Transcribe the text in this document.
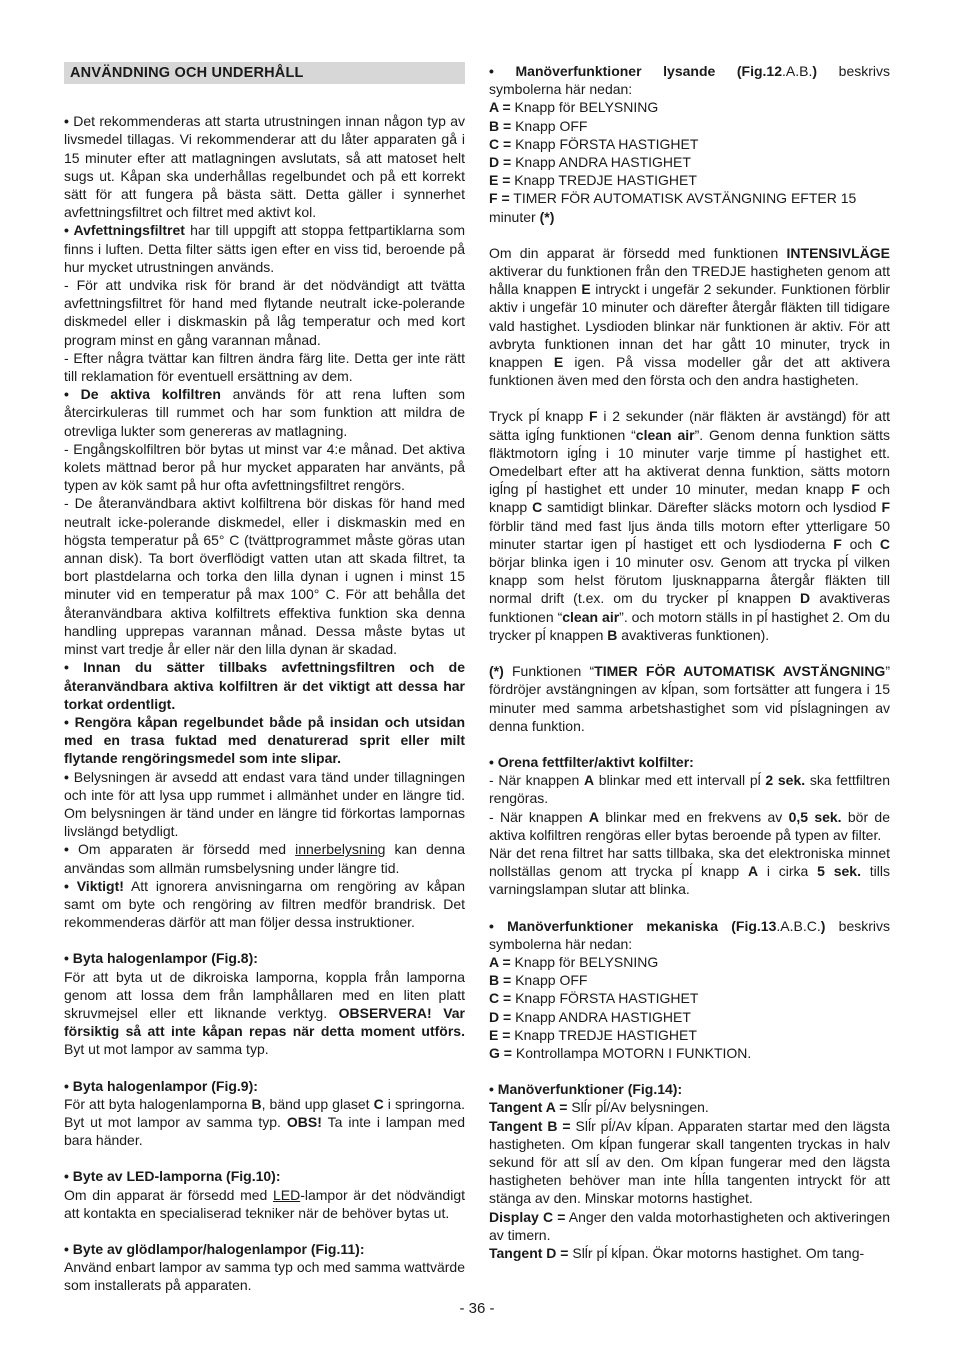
ANVÄNDNING OCH UNDERHÅLL

• Det rekommenderas att starta utrustningen innan någon typ av livsmedel tillagas. Vi rekommenderar att du låter apparaten gå i 15 minuter efter att matlagningen avslutats, så att matoset helt sugs ut. Kåpan ska underhållas regelbundet och på ett korrekt sätt för att fungera på bästa sätt. Detta gäller i synnerhet avfettningsfiltret och filtret med aktivt kol.

• Avfettningsfiltret har till uppgift att stoppa fettpartiklarna som finns i luften. Detta filter sätts igen efter en viss tid, beroende på hur mycket utrustningen används.

- För att undvika risk för brand är det nödvändigt att tvätta avfettningsfiltret för hand med flytande neutralt icke-polerande diskmedel eller i diskmaskin på låg temperatur och med kort program minst en gång varannan månad.

- Efter några tvättar kan filtren ändra färg lite. Detta ger inte rätt till reklamation för eventuell ersättning av dem.

• De aktiva kolfiltren används för att rena luften som återcirkuleras till rummet och har som funktion att mildra de otrevliga lukter som genereras av matlagning.

- Engångskolfiltren bör bytas ut minst var 4:e månad. Det aktiva kolets mättnad beror på hur mycket apparaten har använts, på typen av kök samt på hur ofta avfettningsfiltret rengörs.

- De återanvändbara aktivt kolfiltrena bör diskas för hand med neutralt icke-polerande diskmedel, eller i diskmaskin med en högsta temperatur på 65° C (tvättprogrammet måste göras utan annan disk). Ta bort överflödigt vatten utan att skada filtret, ta bort plastdelarna och torka den lilla dynan i ugnen i minst 15 minuter vid en temperatur på max 100° C. För att behålla det återanvändbara aktiva kolfiltrets effektiva funktion ska denna handling upprepas varannan månad. Dessa måste bytas ut minst vart tredje år eller när den lilla dynan är skadad.

• Innan du sätter tillbaks avfettningsfiltren och de återanvändbara aktiva kolfiltren är det viktigt att dessa har torkat ordentligt.

• Rengöra kåpan regelbundet både på insidan och utsidan med en trasa fuktad med denaturerad sprit eller milt flytande rengöringsmedel som inte slipar.

• Belysningen är avsedd att endast vara tänd under tillagningen och inte för att lysa upp rummet i allmänhet under en längre tid. Om belysningen är tänd under en längre tid förkortas lampornas livslängd betydligt.

• Om apparaten är försedd med innerbelysning kan denna användas som allmän rumsbelysning under längre tid.

• Viktigt! Att ignorera anvisningarna om rengöring av kåpan samt om byte och rengöring av filtren medför brandrisk. Det rekommenderas därför att man följer dessa instruktioner.

• Byta halogenlampor (Fig.8):

För att byta ut de dikroiska lamporna, koppla från lamporna genom att lossa dem från lamphållaren med en liten platt skruvmejsel eller ett liknande verktyg. OBSERVERA! Var försiktig så att inte kåpan repas när detta moment utförs. Byt ut mot lampor av samma typ.

• Byta halogenlampor (Fig.9):

För att byta halogenlamporna B, bänd upp glaset C i springorna. Byt ut mot lampor av samma typ. OBS! Ta inte i lampan med bara händer.

• Byte av LED-lamporna (Fig.10):

Om din apparat är försedd med LED-lampor är det nödvändigt att kontakta en specialiserad tekniker när de behöver bytas ut.

• Byte av glödlampor/halogenlampor (Fig.11):

Använd enbart lampor av samma typ och med samma wattvärde som installerats på apparaten.

• Manöverfunktioner lysande (Fig.12.A.B.) beskrivs symbolerna här nedan:

A = Knapp för BELYSNING

B = Knapp OFF

C = Knapp FÖRSTA HASTIGHET

D = Knapp ANDRA HASTIGHET

E = Knapp TREDJE HASTIGHET

F = TIMER FÖR AUTOMATISK AVSTÄNGNING EFTER 15 minuter (*)

Om din apparat är försedd med funktionen INTENSIVLÄGE aktiverar du funktionen från den TREDJE hastigheten genom att hålla knappen E intryckt i ungefär 2 sekunder. Funktionen förblir aktiv i ungefär 10 minuter och därefter återgår fläkten till tidigare vald hastighet. Lysdioden blinkar när funktionen är aktiv. För att avbryta funktionen innan det har gått 10 minuter, tryck in knappen E igen. På vissa modeller går det att aktivera funktionen även med den första och den andra hastigheten.

Tryck pĺ knapp F i 2 sekunder (när fläkten är avstängd) för att sätta igĺng funktionen “clean air”. Genom denna funktion sätts fläktmotorn igĺng i 10 minuter varje timme pĺ hastighet ett. Omedelbart efter att ha aktiverat denna funktion, sätts motorn igĺng pĺ hastighet ett under 10 minuter, medan knapp F och knapp C samtidigt blinkar. Därefter släcks motorn och lysdiod F förblir tänd med fast ljus ända tills motorn efter ytterligare 50 minuter startar igen pĺ hastiget ett och lysdioderna F och C börjar blinka igen i 10 minuter osv. Genom att trycka pĺ vilken knapp som helst förutom ljusknapparna återgår fläkten till normal drift (t.ex. om du trycker pĺ knappen D avaktiveras funktionen “clean air”. och motorn ställs in pĺ hastighet 2. Om du trycker pĺ knappen B avaktiveras funktionen).

(*) Funktionen “TIMER FÖR AUTOMATISK AVSTÄNGNING” fördröjer avstängningen av kĺpan, som fortsätter att fungera i 15 minuter med samma arbetshastighet som vid pĺslagningen av denna funktion.

• Orena fettfilter/aktivt kolfilter:

- När knappen A blinkar med ett intervall pĺ 2 sek. ska fettfiltren rengöras.

- När knappen A blinkar med en frekvens av 0,5 sek. bör de aktiva kolfiltren rengöras eller bytas beroende på typen av filter.

När det rena filtret har satts tillbaka, ska det elektroniska minnet nollställas genom att trycka pĺ knapp A i cirka 5 sek. tills varningslampan slutar att blinka.

• Manöverfunktioner mekaniska (Fig.13.A.B.C.) beskrivs symbolerna här nedan:

A = Knapp för BELYSNING

B = Knapp OFF

C = Knapp FÖRSTA HASTIGHET

D = Knapp ANDRA HASTIGHET

E = Knapp TREDJE HASTIGHET

G = Kontrollampa MOTORN I FUNKTION.

• Manöverfunktioner (Fig.14):

Tangent A = Slĺr pĺ/Av belysningen.

Tangent B = Slĺr pĺ/Av kĺpan. Apparaten startar med den lägsta hastigheten. Om kĺpan fungerar skall tangenten tryckas in halv sekund för att slĺ av den. Om kĺpan fungerar med den lägsta hastigheten behöver man inte hĺlla tangenten intryckt för att stänga av den. Minskar motorns hastighet.

Display C = Anger den valda motorhastigheten och aktiveringen av timern.

Tangent D = Slĺr pĺ kĺpan. Ökar motorns hastighet. Om tang-

- 36 -
